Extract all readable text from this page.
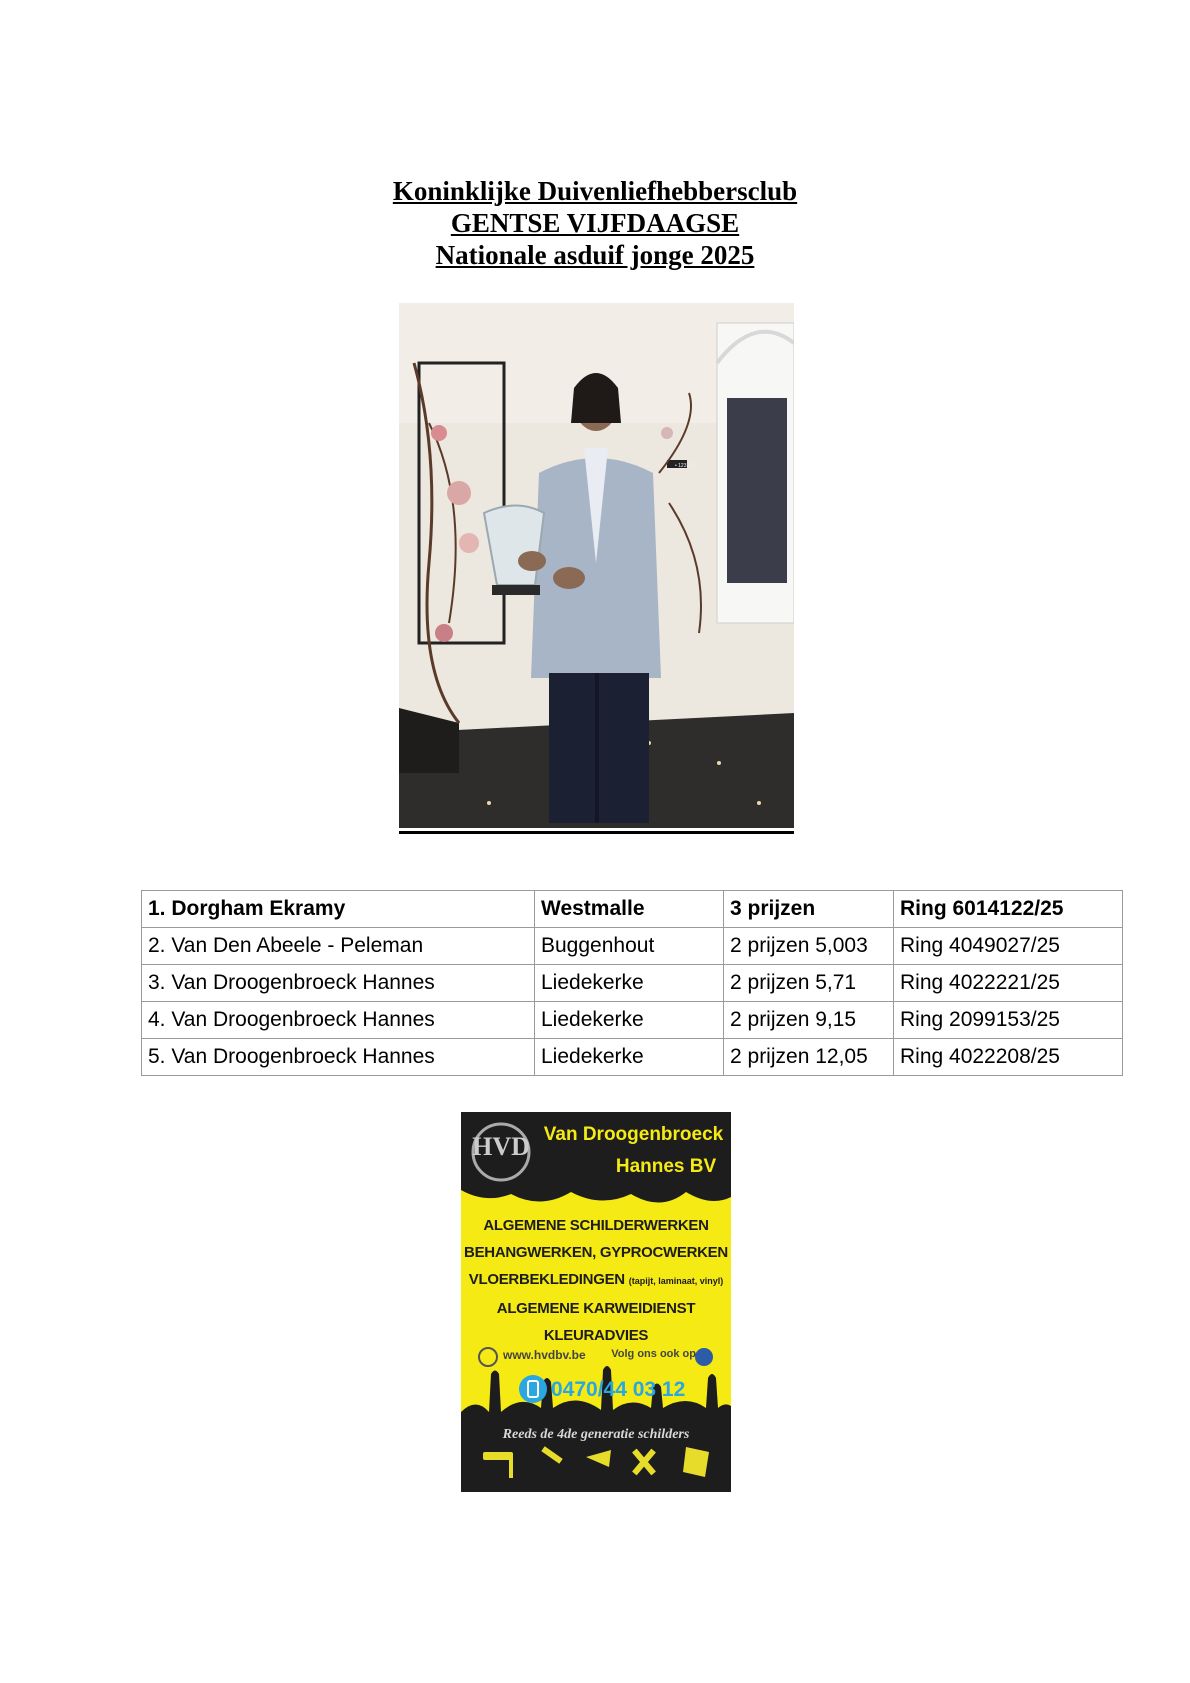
Koninklijke Duivenliefhebbersclub
GENTSE VIJFDAAGSE
Nationale asduif jonge 2025
• 123.566
1. Dorgham Ekramy	Westmalle	3 prijzen	Ring 6014122/25
2. Van Den Abeele - Peleman	Buggenhout	2 prijzen 5,003	Ring 4049027/25
3. Van Droogenbroeck Hannes	Liedekerke	2 prijzen 5,71	Ring 4022221/25
4. Van Droogenbroeck Hannes	Liedekerke	2 prijzen 9,15	Ring 2099153/25
5. Van Droogenbroeck Hannes	Liedekerke	2 prijzen 12,05	Ring 4022208/25
HVD Van Droogenbroeck
Hannes BV
ALGEMENE SCHILDERWERKEN
BEHANGWERKEN, GYPROCWERKEN
VLOERBEKLEDINGEN (tapijt, laminaat, vinyl)
ALGEMENE KARWEIDIENST
KLEURADVIES
www.hvdbv.be	Volg ons ook op
0470/44 03 12
Reeds de 4de generatie schilders
